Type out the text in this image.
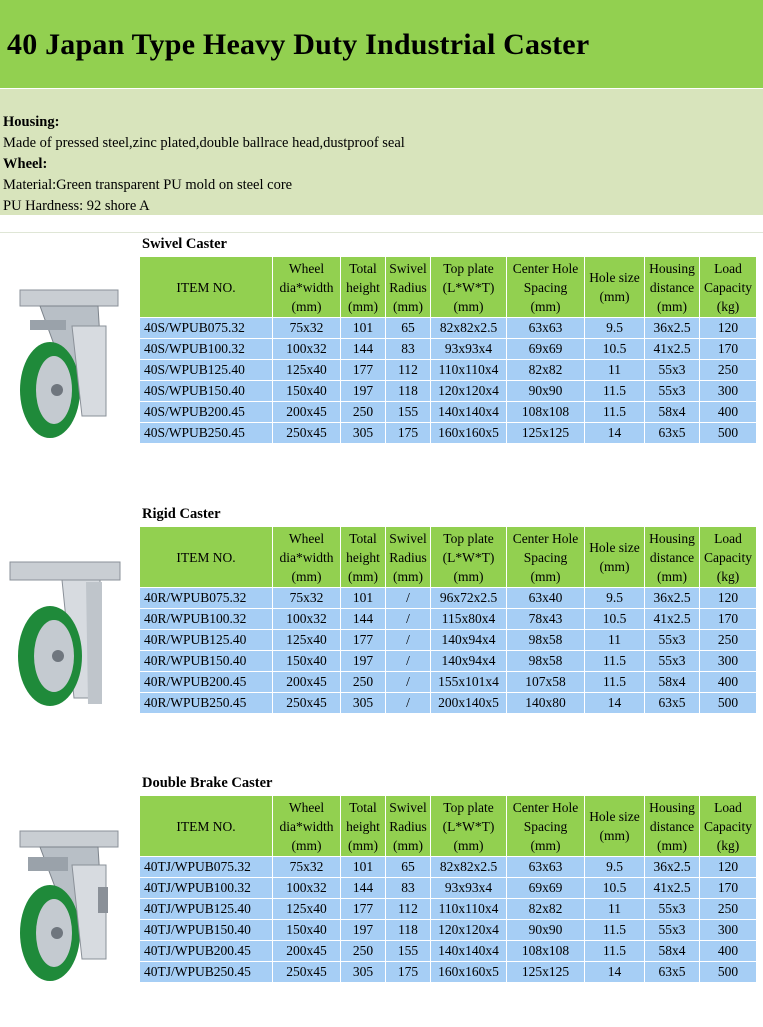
40 Japan Type Heavy Duty Industrial Caster
Housing:
Made of pressed steel,zinc plated,double ballrace head,dustproof seal
Wheel:
Material:Green transparent PU mold on steel core
PU Hardness: 92 shore A
Swivel Caster
ITEM NO.	Wheel
dia*width
(mm)	Total
height
(mm)	Swivel
Radius
(mm)	Top plate
(L*W*T)
(mm)	Center Hole
Spacing
(mm)	Hole size
(mm)	Housing
distance
(mm)	Load
Capacity
(kg)
40S/WPUB075.32	75x32	101	65	82x82x2.5	63x63	9.5	36x2.5	120
40S/WPUB100.32	100x32	144	83	93x93x4	69x69	10.5	41x2.5	170
40S/WPUB125.40	125x40	177	112	110x110x4	82x82	11	55x3	250
40S/WPUB150.40	150x40	197	118	120x120x4	90x90	11.5	55x3	300
40S/WPUB200.45	200x45	250	155	140x140x4	108x108	11.5	58x4	400
40S/WPUB250.45	250x45	305	175	160x160x5	125x125	14	63x5	500
Rigid Caster
ITEM NO.	Wheel
dia*width
(mm)	Total
height
(mm)	Swivel
Radius
(mm)	Top plate
(L*W*T)
(mm)	Center Hole
Spacing
(mm)	Hole size
(mm)	Housing
distance
(mm)	Load
Capacity
(kg)
40R/WPUB075.32	75x32	101	/	96x72x2.5	63x40	9.5	36x2.5	120
40R/WPUB100.32	100x32	144	/	115x80x4	78x43	10.5	41x2.5	170
40R/WPUB125.40	125x40	177	/	140x94x4	98x58	11	55x3	250
40R/WPUB150.40	150x40	197	/	140x94x4	98x58	11.5	55x3	300
40R/WPUB200.45	200x45	250	/	155x101x4	107x58	11.5	58x4	400
40R/WPUB250.45	250x45	305	/	200x140x5	140x80	14	63x5	500
Double Brake Caster
ITEM NO.	Wheel
dia*width
(mm)	Total
height
(mm)	Swivel
Radius
(mm)	Top plate
(L*W*T)
(mm)	Center Hole
Spacing
(mm)	Hole size
(mm)	Housing
distance
(mm)	Load
Capacity
(kg)
40TJ/WPUB075.32	75x32	101	65	82x82x2.5	63x63	9.5	36x2.5	120
40TJ/WPUB100.32	100x32	144	83	93x93x4	69x69	10.5	41x2.5	170
40TJ/WPUB125.40	125x40	177	112	110x110x4	82x82	11	55x3	250
40TJ/WPUB150.40	150x40	197	118	120x120x4	90x90	11.5	55x3	300
40TJ/WPUB200.45	200x45	250	155	140x140x4	108x108	11.5	58x4	400
40TJ/WPUB250.45	250x45	305	175	160x160x5	125x125	14	63x5	500
